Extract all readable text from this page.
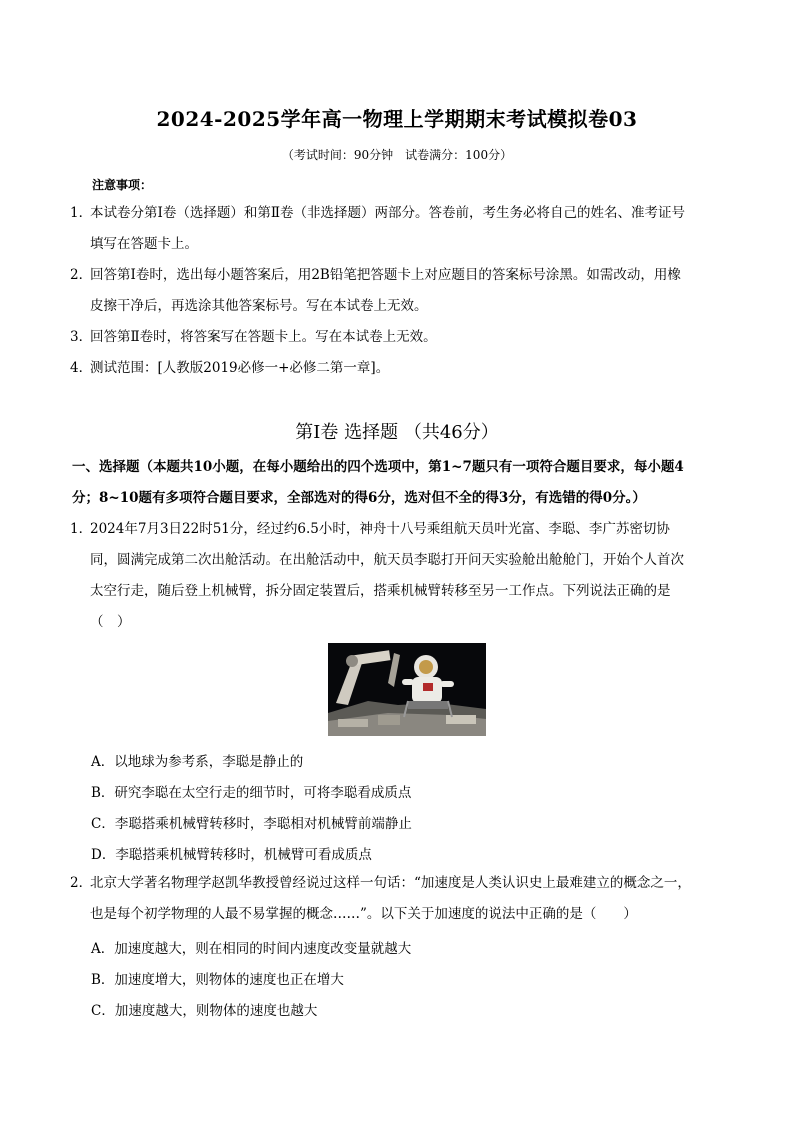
2024-2025学年高一物理上学期期末考试模拟卷03
（考试时间：90分钟　试卷满分：100分）
注意事项：
1．本试卷分第Ⅰ卷（选择题）和第Ⅱ卷（非选择题）两部分。答卷前，考生务必将自己的姓名、准考证号
填写在答题卡上。
2．回答第Ⅰ卷时，选出每小题答案后，用2B铅笔把答题卡上对应题目的答案标号涂黑。如需改动，用橡
皮擦干净后，再选涂其他答案标号。写在本试卷上无效。
3．回答第Ⅱ卷时，将答案写在答题卡上。写在本试卷上无效。
4．测试范围：[人教版2019必修一+必修二第一章]。
第Ⅰ卷 选择题 （共46分）
一、选择题（本题共10小题，在每小题给出的四个选项中，第1~7题只有一项符合题目要求，每小题4
分；8~10题有多项符合题目要求，全部选对的得6分，选对但不全的得3分，有选错的得0分。）
1．2024年7月3日22时51分，经过约6.5小时，神舟十八号乘组航天员叶光富、李聪、李广苏密切协
同，圆满完成第二次出舱活动。在出舱活动中，航天员李聪打开问天实验舱出舱舱门，开始个人首次
太空行走，随后登上机械臂，拆分固定装置后，搭乘机械臂转移至另一工作点。下列说法正确的是
（　）
A．以地球为参考系，李聪是静止的
B．研究李聪在太空行走的细节时，可将李聪看成质点
C．李聪搭乘机械臂转移时，李聪相对机械臂前端静止
D．李聪搭乘机械臂转移时，机械臂可看成质点
2．北京大学著名物理学赵凯华教授曾经说过这样一句话：“加速度是人类认识史上最难建立的概念之一，
也是每个初学物理的人最不易掌握的概念……”。以下关于加速度的说法中正确的是（　　）
A．加速度越大，则在相同的时间内速度改变量就越大
B．加速度增大，则物体的速度也正在增大
C．加速度越大，则物体的速度也越大
